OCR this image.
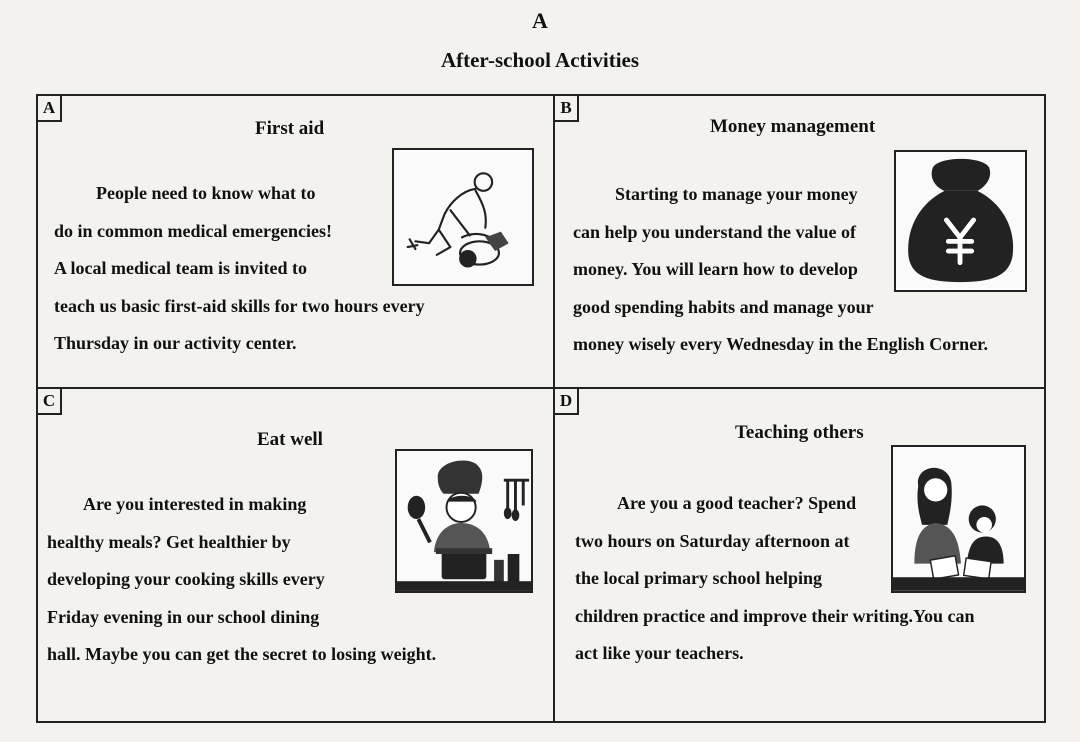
A
After-school Activities
A
First aid
People need to know what to
do in common medical emergencies!
A local medical team is invited to
teach us basic first-aid skills for two hours every
Thursday in our activity center.
B
Money management
Starting to manage your money
can help you understand the value of
money. You will learn how to develop
good spending habits and manage your
money wisely every Wednesday in the English Corner.
C
Eat well
Are you interested in making
healthy meals? Get healthier by
developing your cooking skills every
Friday evening in our school dining
hall. Maybe you can get the secret to losing weight.
D
Teaching others
Are you a good teacher? Spend
two hours on Saturday afternoon at
the local primary school helping
children practice and improve their writing.You can
act like your teachers.
